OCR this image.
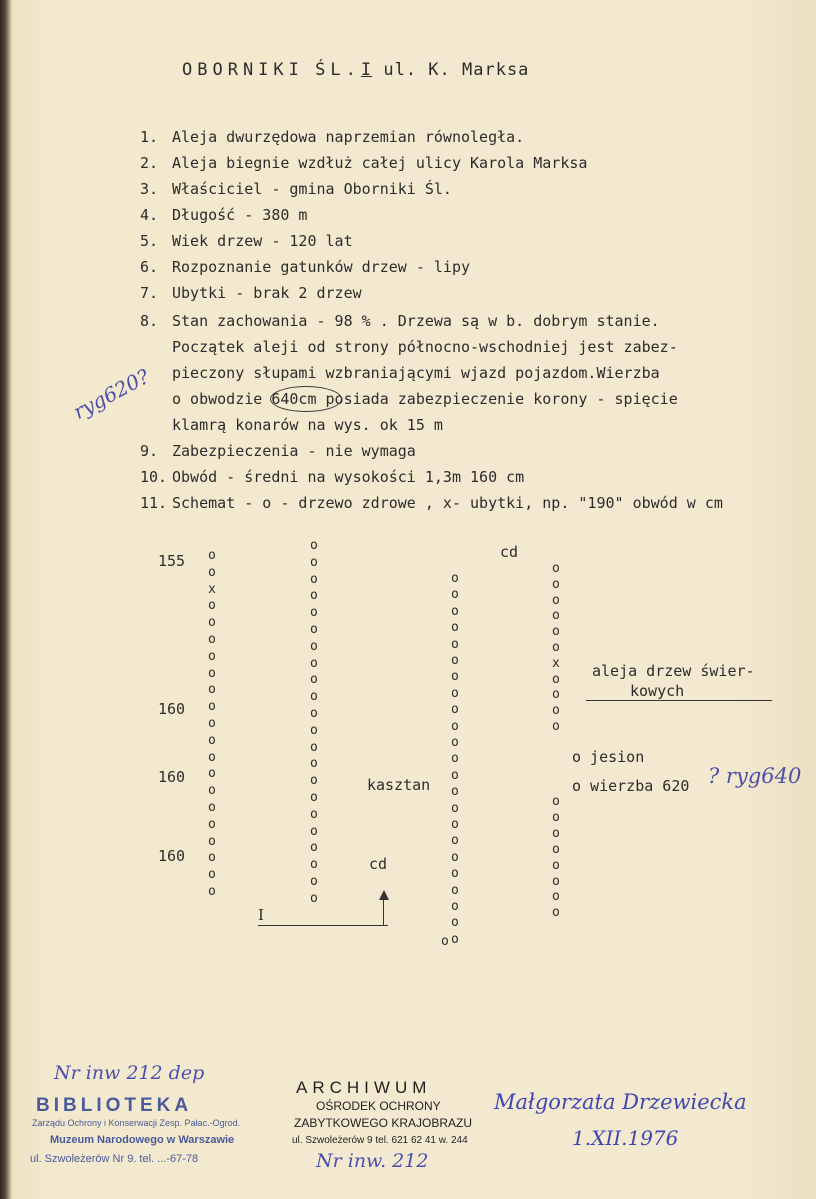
OBORNIKI ŚL.I ul. K. Marksa
1. Aleja dwurzędowa naprzemian równoległa.
2. Aleja biegnie wzdłuż całej ulicy Karola Marksa
3. Właściciel - gmina Oborniki Śl.
4. Długość - 380 m
5. Wiek drzew - 120 lat
6. Rozpoznanie gatunków drzew - lipy
7. Ubytki - brak 2 drzew
8. Stan zachowania - 98 % . Drzewa są w b. dobrym stanie.
Początek alejі od strony północno-wschodniej jest zabez-
pieczony słupami wzbraniającymi wjazd pojazdom.Wierzba
o obwodzie 640cm posiada zabezpieczenie korony - spięcie
klamrą konarów na wys. ok 15 m
9. Zabezpieczenia - nie wymaga
10. Obwód - średni na wysokości 1,3m 160 cm
11. Schemat - o - drzewo zdrowe , x- ubytki, np. "190" obwód w cm
ryg620?
o
o
x
o
o
o
o
o
o
o
o
o
o
o
o
o
o
o
o
o
o
o
o
o
o
o
o
o
o
o
o
o
o
o
o
o
o
o
o
o
o
o
o
o
o
o
o
o
o
o
o
o
o
o
o
o
o
o
o
o
o
o
o
o
o
o
o
o
o
o
o
o
x
o
o
o
o
o
o
o
o
o
o
o
o
155
160
160
160
cd
cd
kasztan
aleja drzew świer-
kowych
o jesion
o wierzba 620 ? ryg640
I
Nr inw 212 dep
BIBLIOTEKA
Zarządu Ochrony i Konserwacji Zesp. Pałac.-Ogrod.
Muzeum Narodowego w Warszawie
ul. Szwoleżerów Nr 9. tel. ...-67-78
ARCHIWUM
OŚRODEK OCHRONY
ZABYTKOWEGO KRAJOBRAZU
ul. Szwoleżerów 9 tel. 621 62 41 w. 244
Nr inw. 212
Małgorzata Drzewiecka
1.XII.1976
o
